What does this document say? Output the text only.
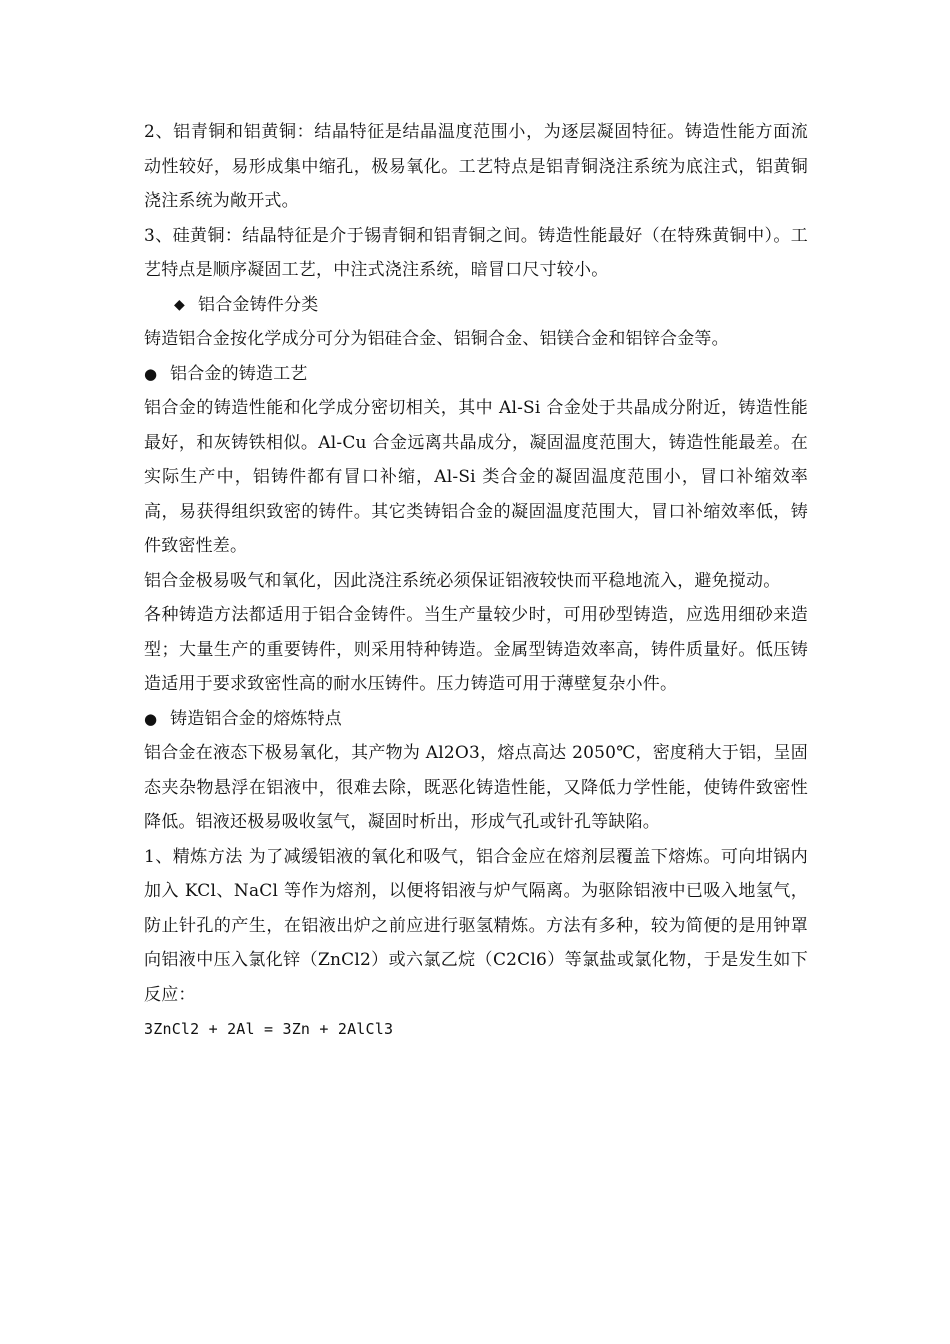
2、铝青铜和铝黄铜：结晶特征是结晶温度范围小，为逐层凝固特征。铸造性能方面流动性较好，易形成集中缩孔，极易氧化。工艺特点是铝青铜浇注系统为底注式，铝黄铜浇注系统为敞开式。

3、硅黄铜：结晶特征是介于锡青铜和铝青铜之间。铸造性能最好（在特殊黄铜中）。工艺特点是顺序凝固工艺，中注式浇注系统，暗冒口尺寸较小。

◆ 铝合金铸件分类

铸造铝合金按化学成分可分为铝硅合金、铝铜合金、铝镁合金和铝锌合金等。

● 铝合金的铸造工艺

铝合金的铸造性能和化学成分密切相关，其中 Al-Si 合金处于共晶成分附近，铸造性能最好，和灰铸铁相似。Al-Cu 合金远离共晶成分，凝固温度范围大，铸造性能最差。在实际生产中，铝铸件都有冒口补缩，Al-Si 类合金的凝固温度范围小，冒口补缩效率高，易获得组织致密的铸件。其它类铸铝合金的凝固温度范围大，冒口补缩效率低，铸件致密性差。

铝合金极易吸气和氧化，因此浇注系统必须保证铝液较快而平稳地流入，避免搅动。

各种铸造方法都适用于铝合金铸件。当生产量较少时，可用砂型铸造，应选用细砂来造型；大量生产的重要铸件，则采用特种铸造。金属型铸造效率高，铸件质量好。低压铸造适用于要求致密性高的耐水压铸件。压力铸造可用于薄壁复杂小件。

● 铸造铝合金的熔炼特点

铝合金在液态下极易氧化，其产物为 Al2O3，熔点高达 2050℃，密度稍大于铝，呈固态夹杂物悬浮在铝液中，很难去除，既恶化铸造性能，又降低力学性能，使铸件致密性降低。铝液还极易吸收氢气，凝固时析出，形成气孔或针孔等缺陷。

1、精炼方法 为了减缓铝液的氧化和吸气，铝合金应在熔剂层覆盖下熔炼。可向坩锅内加入 KCl、NaCl 等作为熔剂，以便将铝液与炉气隔离。为驱除铝液中已吸入地氢气，防止针孔的产生，在铝液出炉之前应进行驱氢精炼。方法有多种，较为简便的是用钟罩向铝液中压入氯化锌（ZnCl2）或六氯乙烷（C2Cl6）等氯盐或氯化物，于是发生如下反应：

3ZnCl2 + 2Al = 3Zn + 2AlCl3
